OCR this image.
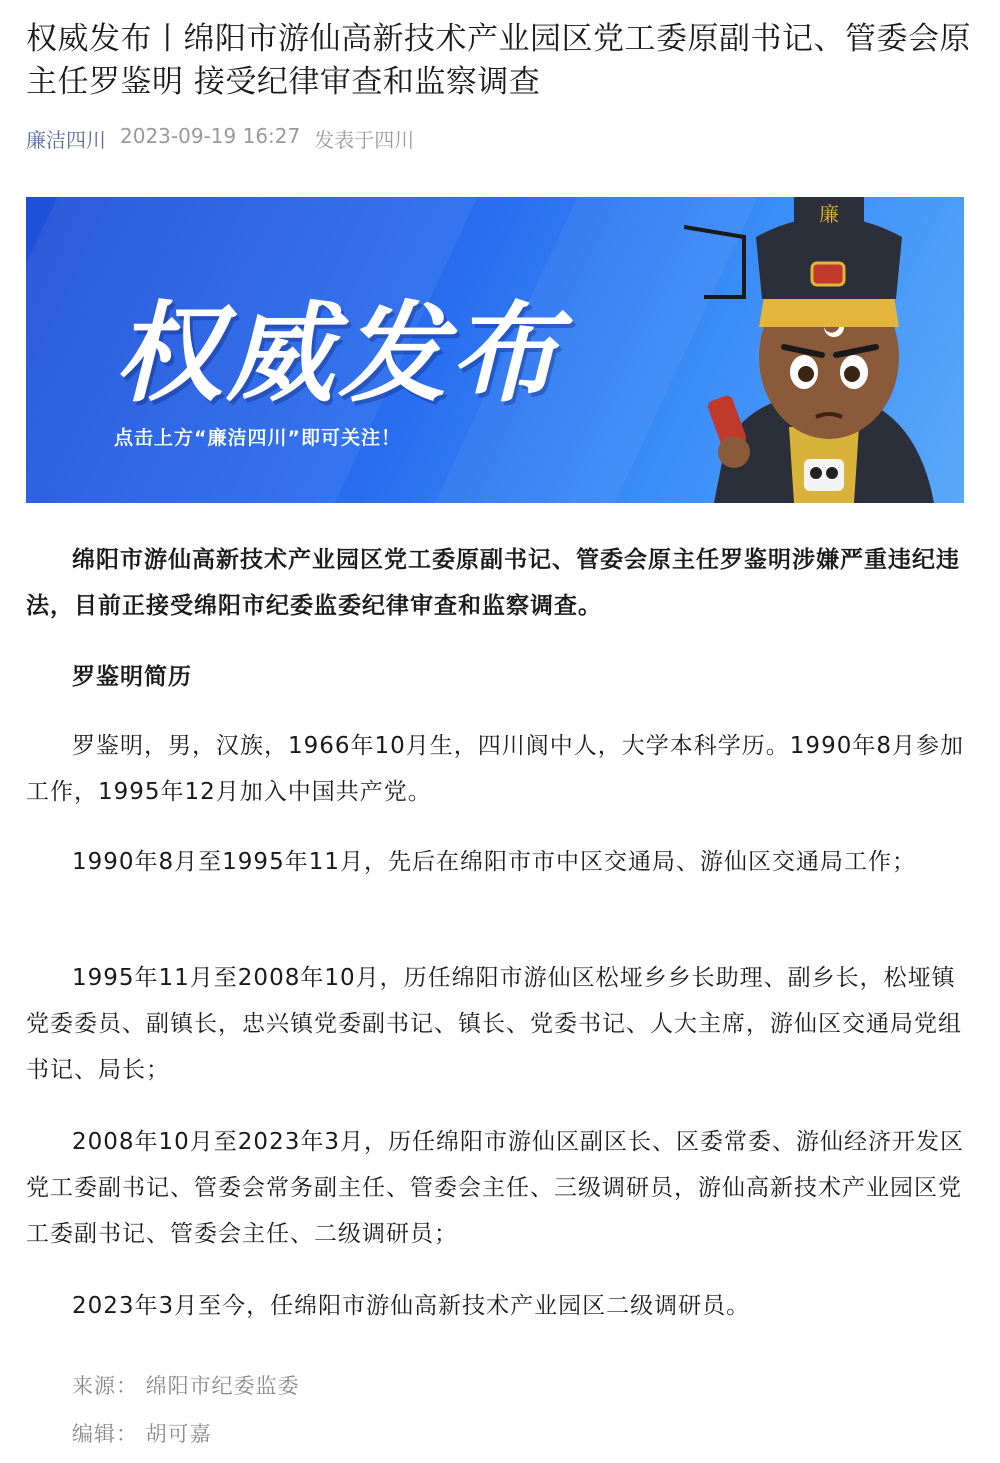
权威发布丨绵阳市游仙高新技术产业园区党工委原副书记、管委会原主任罗鉴明 接受纪律审查和监察调查
廉洁四川 2023-09-19 16:27 发表于四川
权威发布
点击上方“廉洁四川”即可关注！
廉
绵阳市游仙高新技术产业园区党工委原副书记、管委会原主任罗鉴明涉嫌严重违纪违法，目前正接受绵阳市纪委监委纪律审查和监察调查。
罗鉴明简历
罗鉴明，男，汉族，1966年10月生，四川阆中人，大学本科学历。1990年8月参加工作，1995年12月加入中国共产党。
1990年8月至1995年11月，先后在绵阳市市中区交通局、游仙区交通局工作；
1995年11月至2008年10月，历任绵阳市游仙区松垭乡乡长助理、副乡长，松垭镇党委委员、副镇长，忠兴镇党委副书记、镇长、党委书记、人大主席，游仙区交通局党组书记、局长；
2008年10月至2023年3月，历任绵阳市游仙区副区长、区委常委、游仙经济开发区党工委副书记、管委会常务副主任、管委会主任、三级调研员，游仙高新技术产业园区党工委副书记、管委会主任、二级调研员；
2023年3月至今，任绵阳市游仙高新技术产业园区二级调研员。
来源： 绵阳市纪委监委
编辑： 胡可嘉
